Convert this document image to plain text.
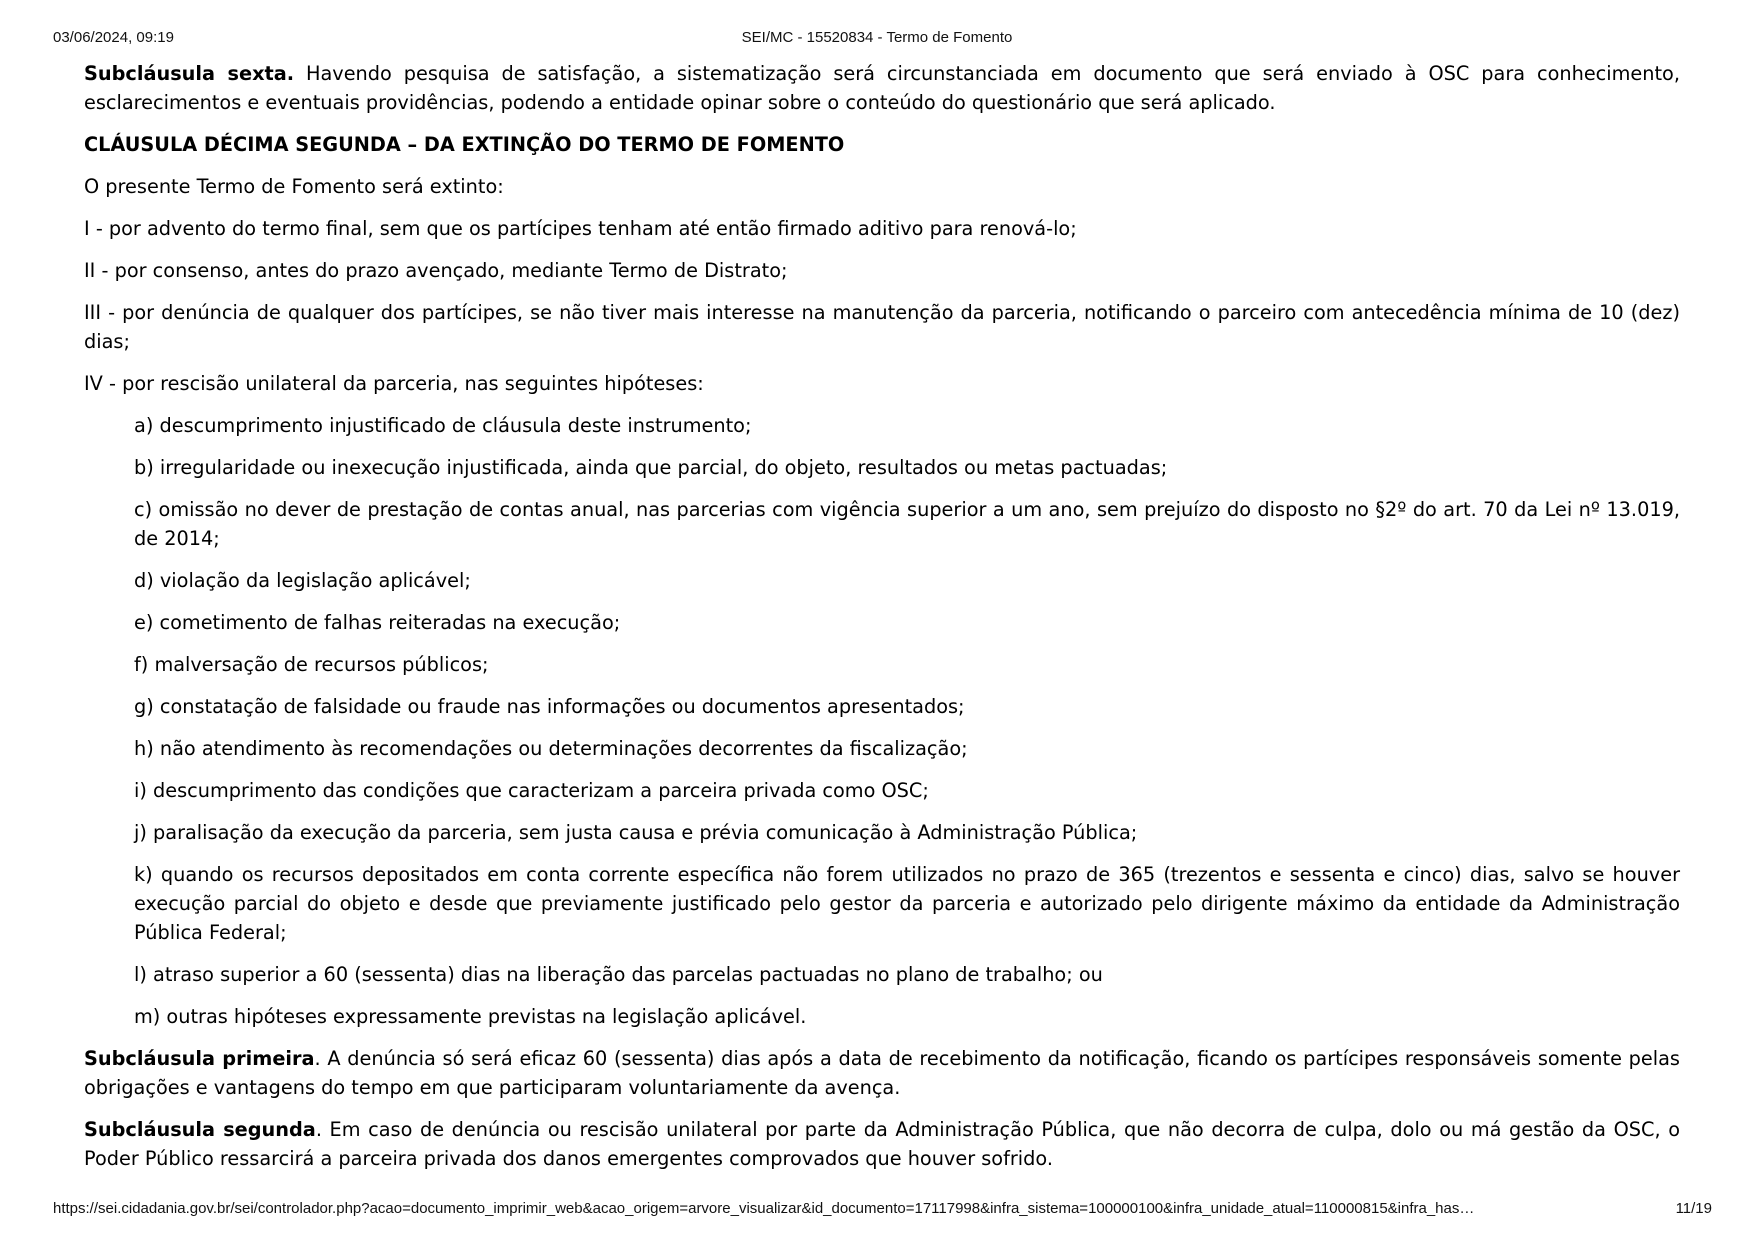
03/06/2024, 09:19	SEI/MC - 15520834 - Termo de Fomento

Subcláusula sexta. Havendo pesquisa de satisfação, a sistematização será circunstanciada em documento que será enviado à OSC para conhecimento, esclarecimentos e eventuais providências, podendo a entidade opinar sobre o conteúdo do questionário que será aplicado.

CLÁUSULA DÉCIMA SEGUNDA – DA EXTINÇÃO DO TERMO DE FOMENTO

O presente Termo de Fomento será extinto:

I - por advento do termo final, sem que os partícipes tenham até então firmado aditivo para renová-lo;

II - por consenso, antes do prazo avençado, mediante Termo de Distrato;

III - por denúncia de qualquer dos partícipes, se não tiver mais interesse na manutenção da parceria, notificando o parceiro com antecedência mínima de 10 (dez) dias;

IV - por rescisão unilateral da parceria, nas seguintes hipóteses:

a) descumprimento injustificado de cláusula deste instrumento;

b) irregularidade ou inexecução injustificada, ainda que parcial, do objeto, resultados ou metas pactuadas;

c) omissão no dever de prestação de contas anual, nas parcerias com vigência superior a um ano, sem prejuízo do disposto no §2º do art. 70 da Lei nº 13.019, de 2014;

d) violação da legislação aplicável;

e) cometimento de falhas reiteradas na execução;

f) malversação de recursos públicos;

g) constatação de falsidade ou fraude nas informações ou documentos apresentados;

h) não atendimento às recomendações ou determinações decorrentes da fiscalização;

i) descumprimento das condições que caracterizam a parceira privada como OSC;

j) paralisação da execução da parceria, sem justa causa e prévia comunicação à Administração Pública;

k) quando os recursos depositados em conta corrente específica não forem utilizados no prazo de 365 (trezentos e sessenta e cinco) dias, salvo se houver execução parcial do objeto e desde que previamente justificado pelo gestor da parceria e autorizado pelo dirigente máximo da entidade da Administração Pública Federal;

l) atraso superior a 60 (sessenta) dias na liberação das parcelas pactuadas no plano de trabalho; ou

m) outras hipóteses expressamente previstas na legislação aplicável.

Subcláusula primeira. A denúncia só será eficaz 60 (sessenta) dias após a data de recebimento da notificação, ficando os partícipes responsáveis somente pelas obrigações e vantagens do tempo em que participaram voluntariamente da avença.

Subcláusula segunda. Em caso de denúncia ou rescisão unilateral por parte da Administração Pública, que não decorra de culpa, dolo ou má gestão da OSC, o Poder Público ressarcirá a parceira privada dos danos emergentes comprovados que houver sofrido.

https://sei.cidadania.gov.br/sei/controlador.php?acao=documento_imprimir_web&acao_origem=arvore_visualizar&id_documento=17117998&infra_sistema=100000100&infra_unidade_atual=110000815&infra_has…	11/19
